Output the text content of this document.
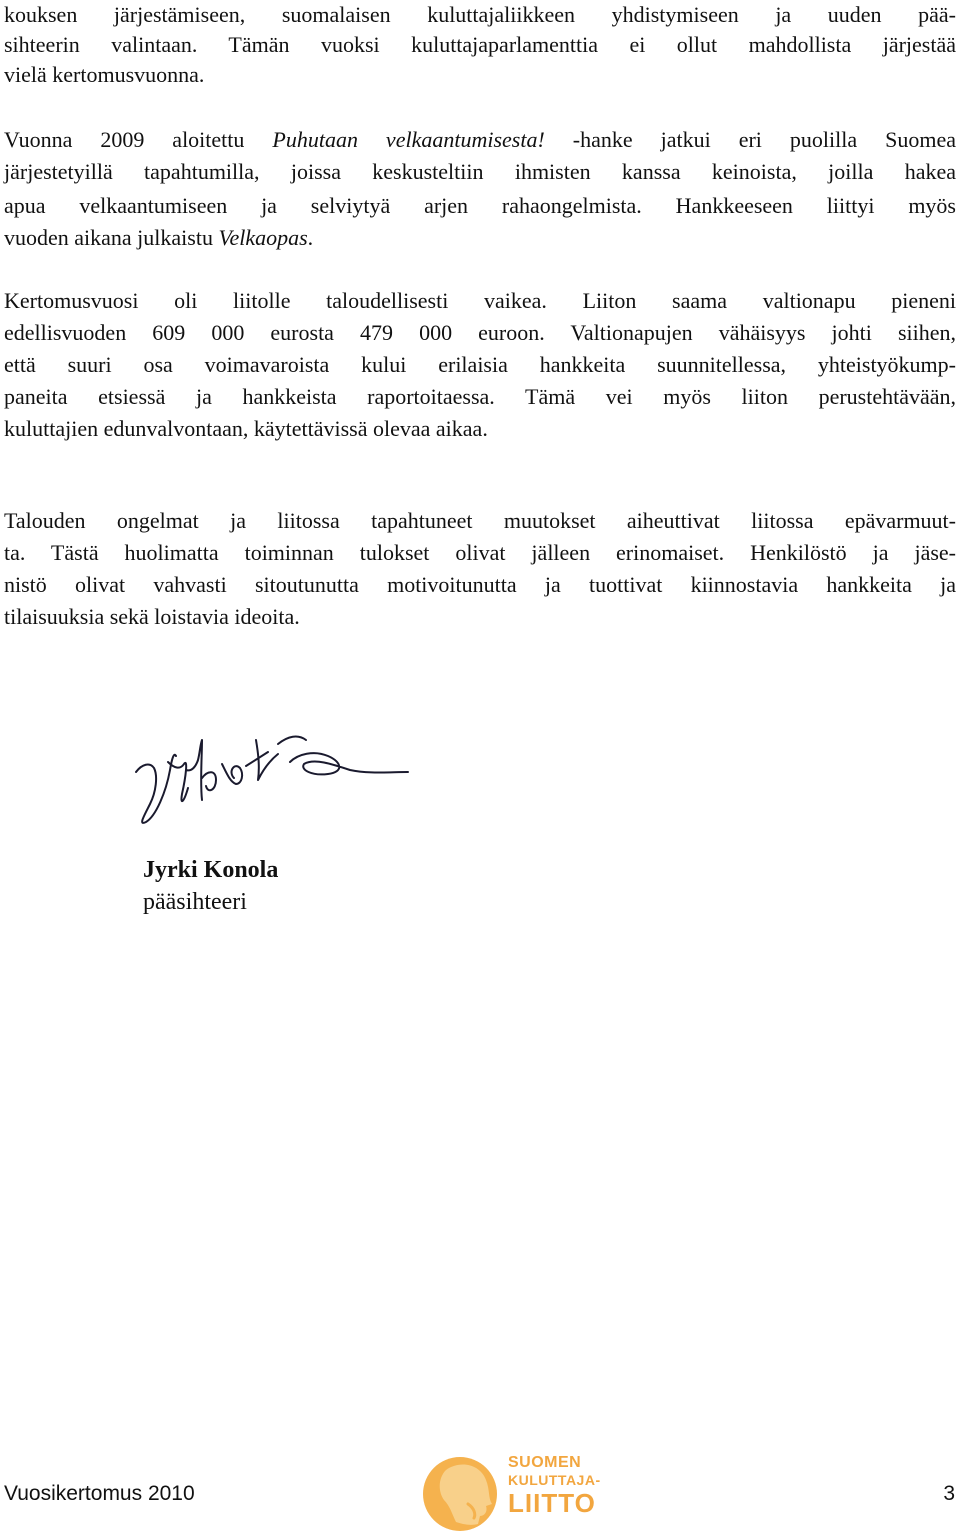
kouksen järjestämiseen, suomalaisen kuluttajaliikkeen yhdistymiseen ja uuden pää-
sihteerin valintaan. Tämän vuoksi kuluttajaparlamenttia ei ollut mahdollista järjestää
vielä kertomusvuonna.
Vuonna 2009 aloitettu Puhutaan velkaantumisesta! -hanke jatkui eri puolilla Suomea
järjestetyillä tapahtumilla, joissa keskusteltiin ihmisten kanssa keinoista, joilla hakea
apua velkaantumiseen ja selviytyä arjen rahaongelmista. Hankkeeseen liittyi myös
vuoden aikana julkaistu Velkaopas.
Kertomusvuosi oli liitolle taloudellisesti vaikea. Liiton saama valtionapu pieneni
edellisvuoden 609 000 eurosta 479 000 euroon. Valtionapujen vähäisyys johti siihen,
että suuri osa voimavaroista kului erilaisia hankkeita suunnitellessa, yhteistyökump-
paneita etsiessä ja hankkeista raportoitaessa. Tämä vei myös liiton perustehtävään,
kuluttajien edunvalvontaan, käytettävissä olevaa aikaa.
Talouden ongelmat ja liitossa tapahtuneet muutokset aiheuttivat liitossa epävarmuut-
ta. Tästä huolimatta toiminnan tulokset olivat jälleen erinomaiset. Henkilöstö ja jäse-
nistö olivat vahvasti sitoutunutta motivoitunutta ja tuottivat kiinnostavia hankkeita ja
tilaisuuksia sekä loistavia ideoita.
Jyrki Konola
pääsihteeri
Vuosikertomus 2010
SUOMEN
KULUTTAJA-
LIITTO	3
